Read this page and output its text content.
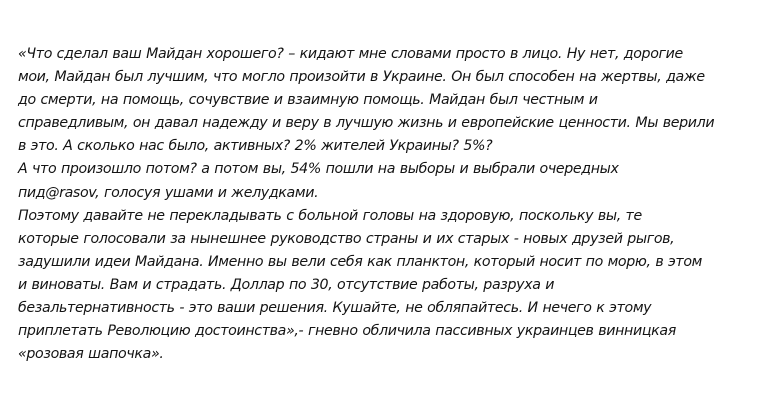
«Что сделал ваш Майдан хорошего? – кидают мне словами просто в лицо. Ну нет, дорогие
мои, Майдан был лучшим, что могло произойти в Украине. Он был способен на жертвы, даже
до смерти, на помощь, сочувствие и взаимную помощь. Майдан был честным и
справедливым, он давал надежду и веру в лучшую жизнь и европейские ценности. Мы верили
в это. А сколько нас было, активных? 2% жителей Украины? 5%?
А что произошло потом? а потом вы, 54% пошли на выборы и выбрали очередных
пид@rasov, голосуя ушами и желудками.
Поэтому давайте не перекладывать с больной головы на здоровую, поскольку вы, те
которые голосовали за нынешнее руководство страны и их старых - новых друзей рыгов,
задушили идеи Майдана. Именно вы вели себя как планктон, который носит по морю, в этом
и виноваты. Вам и страдать. Доллар по 30, отсутствие работы, разруха и
безальтернативность - это ваши решения. Кушайте, не обляпайтесь. И нечего к этому
приплетать Революцию достоинства»,- гневно обличила пассивных украинцев винницкая
«розовая шапочка».
